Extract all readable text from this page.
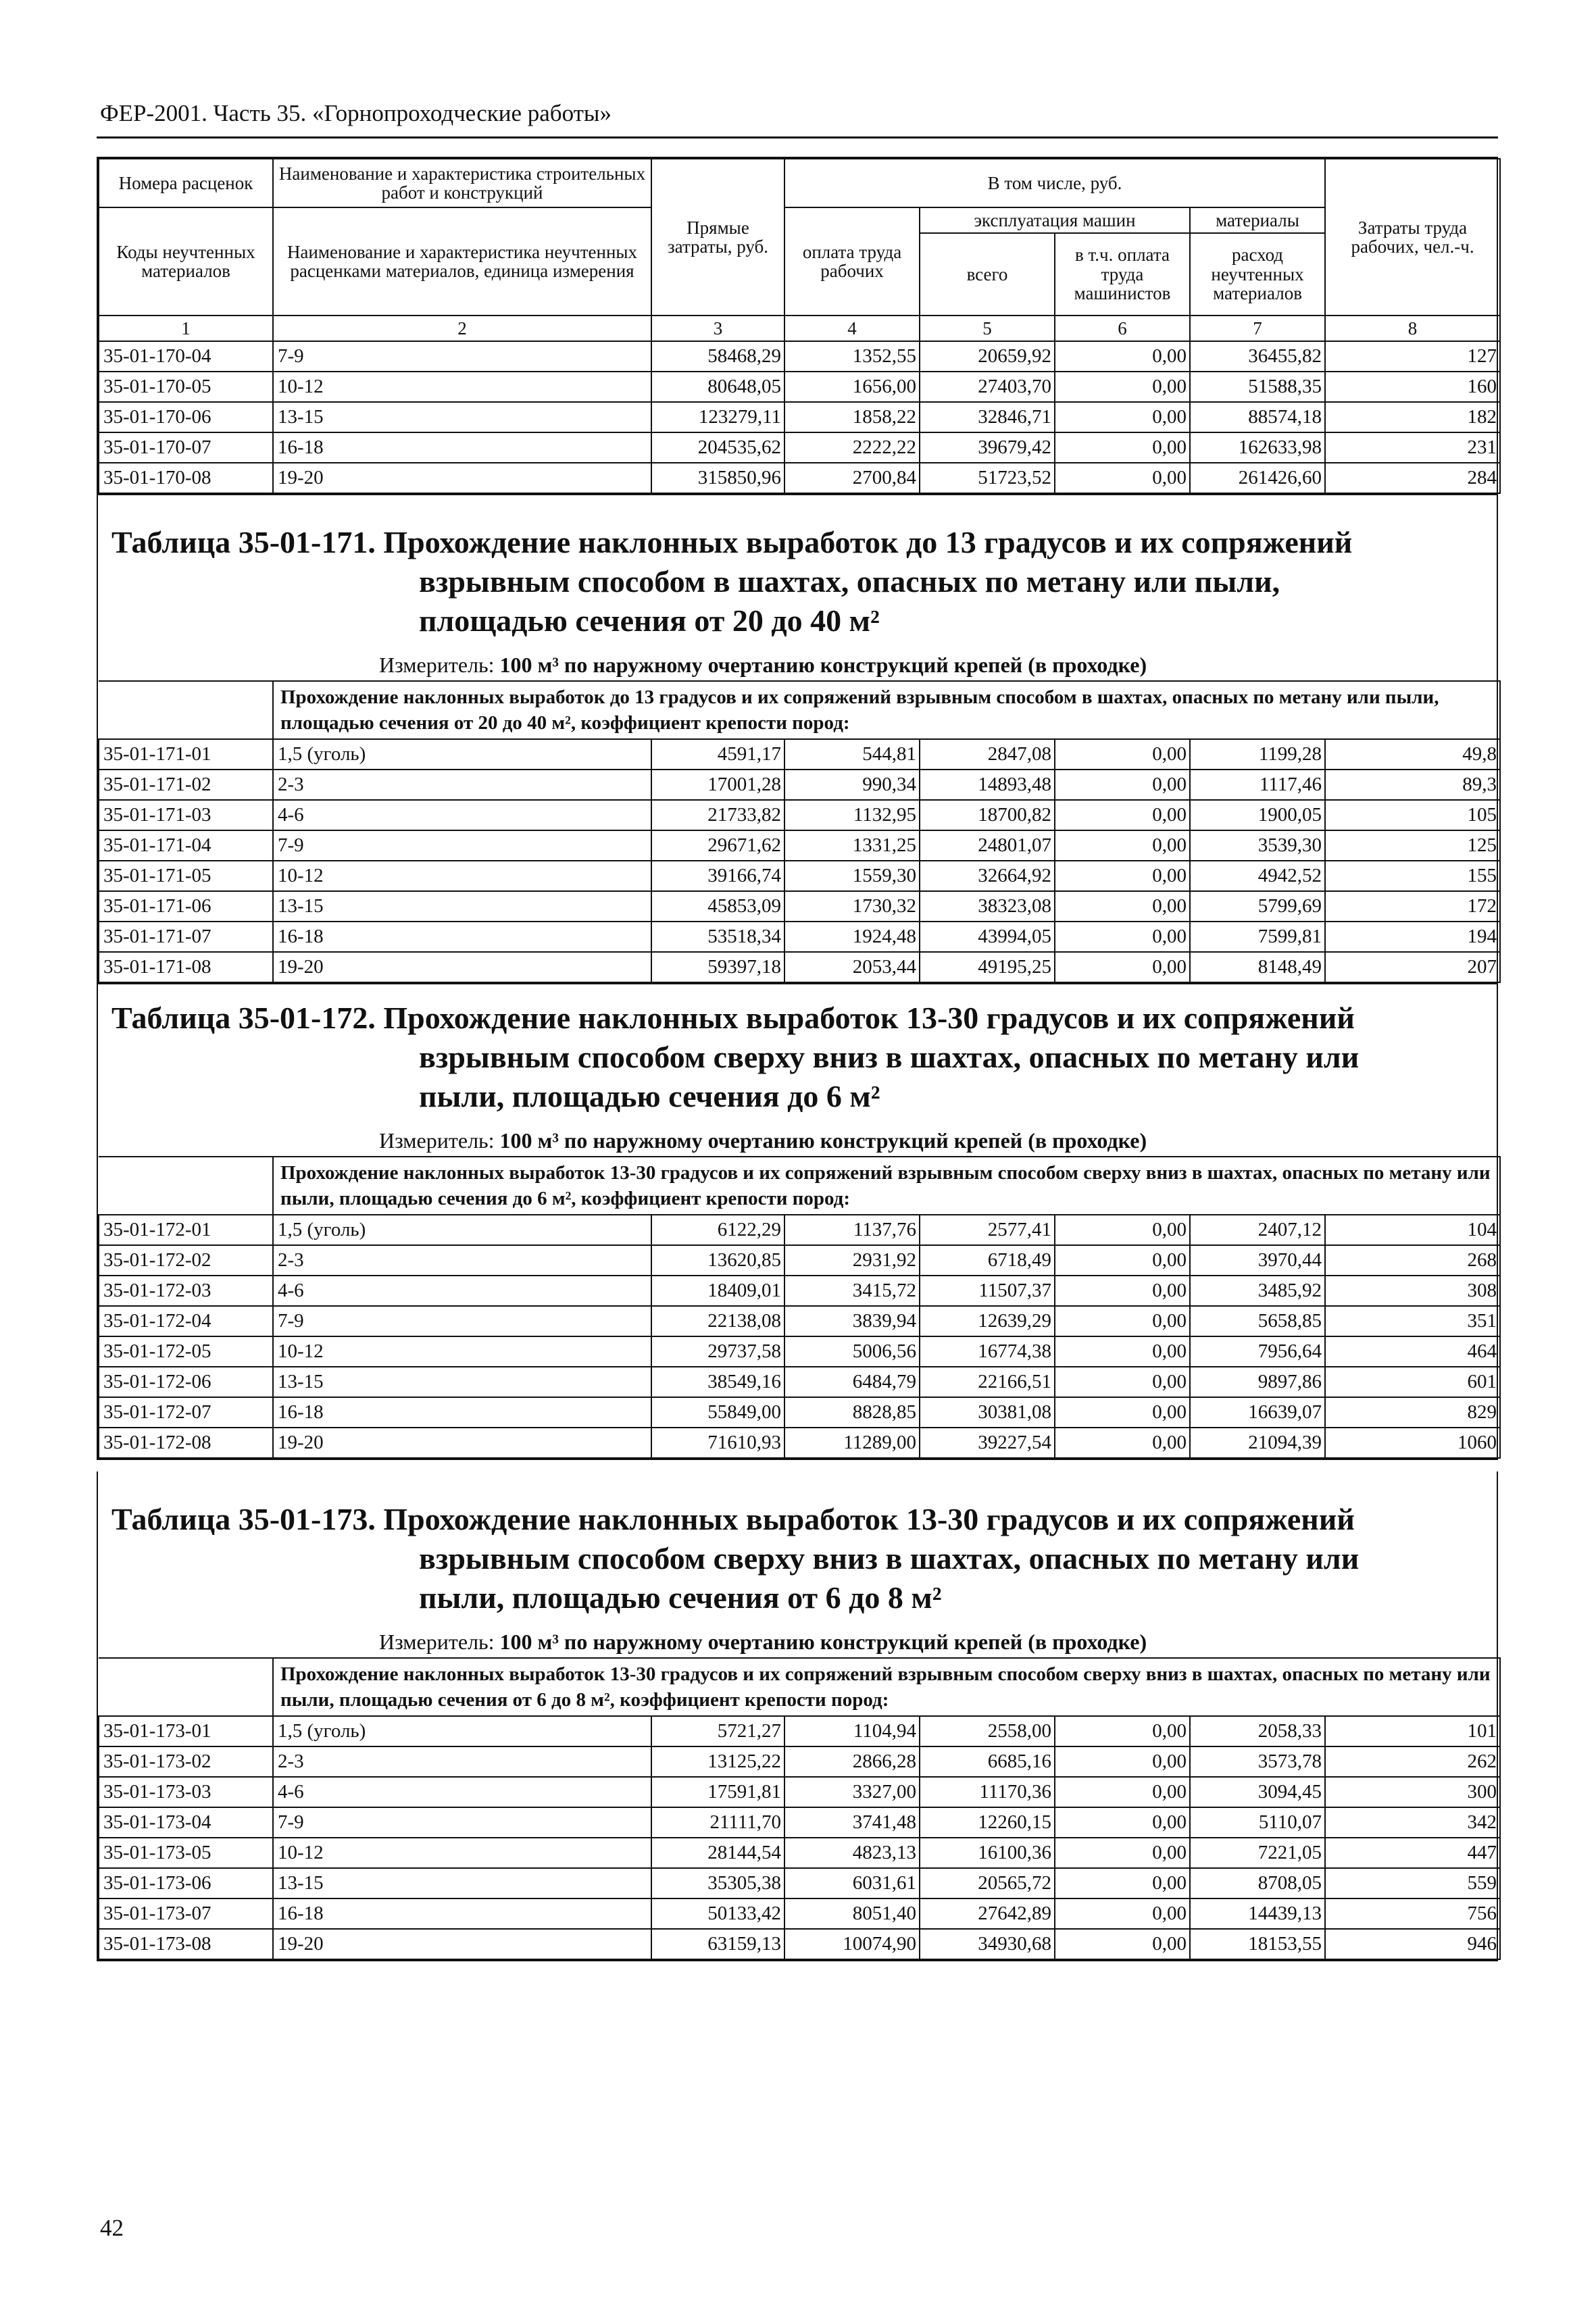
ФЕР-2001. Часть 35. «Горнопроходческие работы»
Номера расценок	Наименование и характеристика строительных работ и конструкций	Прямые затраты, руб.	В том числе, руб.				Затраты труда рабочих, чел.-ч.
Коды неучтенных материалов	Наименование и характеристика неучтенных расценками материалов, единица измерения		оплата труда рабочих	эксплуатация машин		материалы	
				всего	в т.ч. оплата труда машинистов	расход неучтенных материалов	
1	2	3	4	5	6	7	8
35-01-170-04	7-9	58468,29	1352,55	20659,92	0,00	36455,82	127
35-01-170-05	10-12	80648,05	1656,00	27403,70	0,00	51588,35	160
35-01-170-06	13-15	123279,11	1858,22	32846,71	0,00	88574,18	182
35-01-170-07	16-18	204535,62	2222,22	39679,42	0,00	162633,98	231
35-01-170-08	19-20	315850,96	2700,84	51723,52	0,00	261426,60	284
Таблица 35-01-171. Прохождение наклонных выработок до 13 градусов и их сопряжений
взрывным способом в шахтах, опасных по метану или пыли,
площадью сечения от 20 до 40 м²
Измеритель: 100 м³ по наружному очертанию конструкций крепей (в проходке)
	Прохождение наклонных выработок до 13 градусов и их сопряжений взрывным способом в шахтах, опасных по метану или пыли, площадью сечения от 20 до 40 м², коэффициент крепости пород:						
35-01-171-01	1,5 (уголь)	4591,17	544,81	2847,08	0,00	1199,28	49,8
35-01-171-02	2-3	17001,28	990,34	14893,48	0,00	1117,46	89,3
35-01-171-03	4-6	21733,82	1132,95	18700,82	0,00	1900,05	105
35-01-171-04	7-9	29671,62	1331,25	24801,07	0,00	3539,30	125
35-01-171-05	10-12	39166,74	1559,30	32664,92	0,00	4942,52	155
35-01-171-06	13-15	45853,09	1730,32	38323,08	0,00	5799,69	172
35-01-171-07	16-18	53518,34	1924,48	43994,05	0,00	7599,81	194
35-01-171-08	19-20	59397,18	2053,44	49195,25	0,00	8148,49	207
Таблица 35-01-172. Прохождение наклонных выработок 13-30 градусов и их сопряжений
взрывным способом сверху вниз в шахтах, опасных по метану или
пыли, площадью сечения до 6 м²
Измеритель: 100 м³ по наружному очертанию конструкций крепей (в проходке)
	Прохождение наклонных выработок 13-30 градусов и их сопряжений взрывным способом сверху вниз в шахтах, опасных по метану или пыли, площадью сечения до 6 м², коэффициент крепости пород:						
35-01-172-01	1,5 (уголь)	6122,29	1137,76	2577,41	0,00	2407,12	104
35-01-172-02	2-3	13620,85	2931,92	6718,49	0,00	3970,44	268
35-01-172-03	4-6	18409,01	3415,72	11507,37	0,00	3485,92	308
35-01-172-04	7-9	22138,08	3839,94	12639,29	0,00	5658,85	351
35-01-172-05	10-12	29737,58	5006,56	16774,38	0,00	7956,64	464
35-01-172-06	13-15	38549,16	6484,79	22166,51	0,00	9897,86	601
35-01-172-07	16-18	55849,00	8828,85	30381,08	0,00	16639,07	829
35-01-172-08	19-20	71610,93	11289,00	39227,54	0,00	21094,39	1060
Таблица 35-01-173. Прохождение наклонных выработок 13-30 градусов и их сопряжений
взрывным способом сверху вниз в шахтах, опасных по метану или
пыли, площадью сечения от 6 до 8 м²
Измеритель: 100 м³ по наружному очертанию конструкций крепей (в проходке)
	Прохождение наклонных выработок 13-30 градусов и их сопряжений взрывным способом сверху вниз в шахтах, опасных по метану или пыли, площадью сечения от 6 до 8 м², коэффициент крепости пород:						
35-01-173-01	1,5 (уголь)	5721,27	1104,94	2558,00	0,00	2058,33	101
35-01-173-02	2-3	13125,22	2866,28	6685,16	0,00	3573,78	262
35-01-173-03	4-6	17591,81	3327,00	11170,36	0,00	3094,45	300
35-01-173-04	7-9	21111,70	3741,48	12260,15	0,00	5110,07	342
35-01-173-05	10-12	28144,54	4823,13	16100,36	0,00	7221,05	447
35-01-173-06	13-15	35305,38	6031,61	20565,72	0,00	8708,05	559
35-01-173-07	16-18	50133,42	8051,40	27642,89	0,00	14439,13	756
35-01-173-08	19-20	63159,13	10074,90	34930,68	0,00	18153,55	946
42
